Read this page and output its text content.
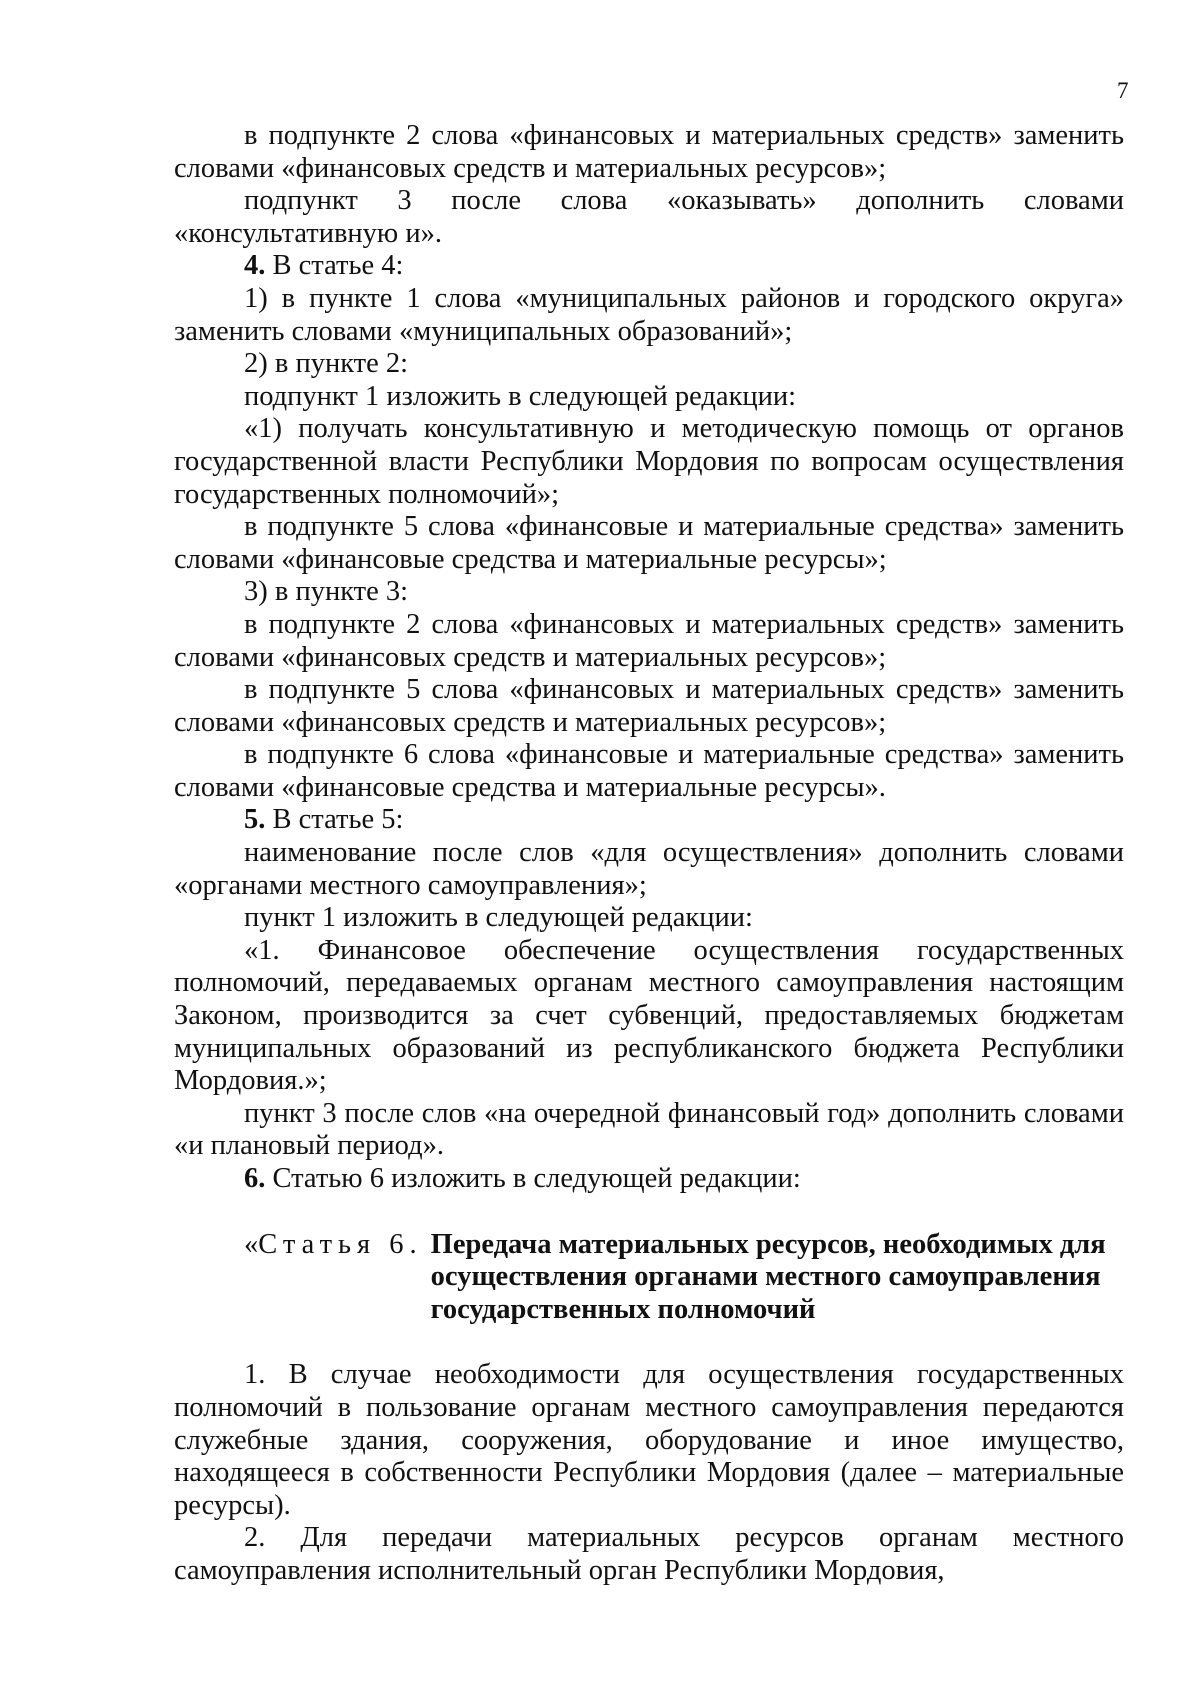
7

в подпункте 2 слова «финансовых и материальных средств» заменить словами «финансовых средств и материальных ресурсов»;

подпункт 3 после слова «оказывать» дополнить словами «консультативную и».

4. В статье 4:

1) в пункте 1 слова «муниципальных районов и городского округа» заменить словами «муниципальных образований»;

2) в пункте 2:

подпункт 1 изложить в следующей редакции:

«1) получать консультативную и методическую помощь от органов государственной власти Республики Мордовия по вопросам осуществления государственных полномочий»;

в подпункте 5 слова «финансовые и материальные средства» заменить словами «финансовые средства и материальные ресурсы»;

3) в пункте 3:

в подпункте 2 слова «финансовых и материальных средств» заменить словами «финансовых средств и материальных ресурсов»;

в подпункте 5 слова «финансовых и материальных средств» заменить словами «финансовых средств и материальных ресурсов»;

в подпункте 6 слова «финансовые и материальные средства» заменить словами «финансовые средства и материальные ресурсы».

5. В статье 5:

наименование после слов «для осуществления» дополнить словами «органами местного самоуправления»;

пункт 1 изложить в следующей редакции:

«1. Финансовое обеспечение осуществления государственных полномочий, передаваемых органам местного самоуправления настоящим Законом, производится за счет субвенций, предоставляемых бюджетам муниципальных образований из республиканского бюджета Республики Мордовия.»;

пункт 3 после слов «на очередной финансовый год» дополнить словами «и плановый период».

6. Статью 6 изложить в следующей редакции:

«Статья 6. Передача материальных ресурсов, необходимых для осуществления органами местного самоуправления государственных полномочий

1. В случае необходимости для осуществления государственных полномочий в пользование органам местного самоуправления передаются служебные здания, сооружения, оборудование и иное имущество, находящееся в собственности Республики Мордовия (далее – материальные ресурсы).

2. Для передачи материальных ресурсов органам местного самоуправления исполнительный орган Республики Мордовия,
